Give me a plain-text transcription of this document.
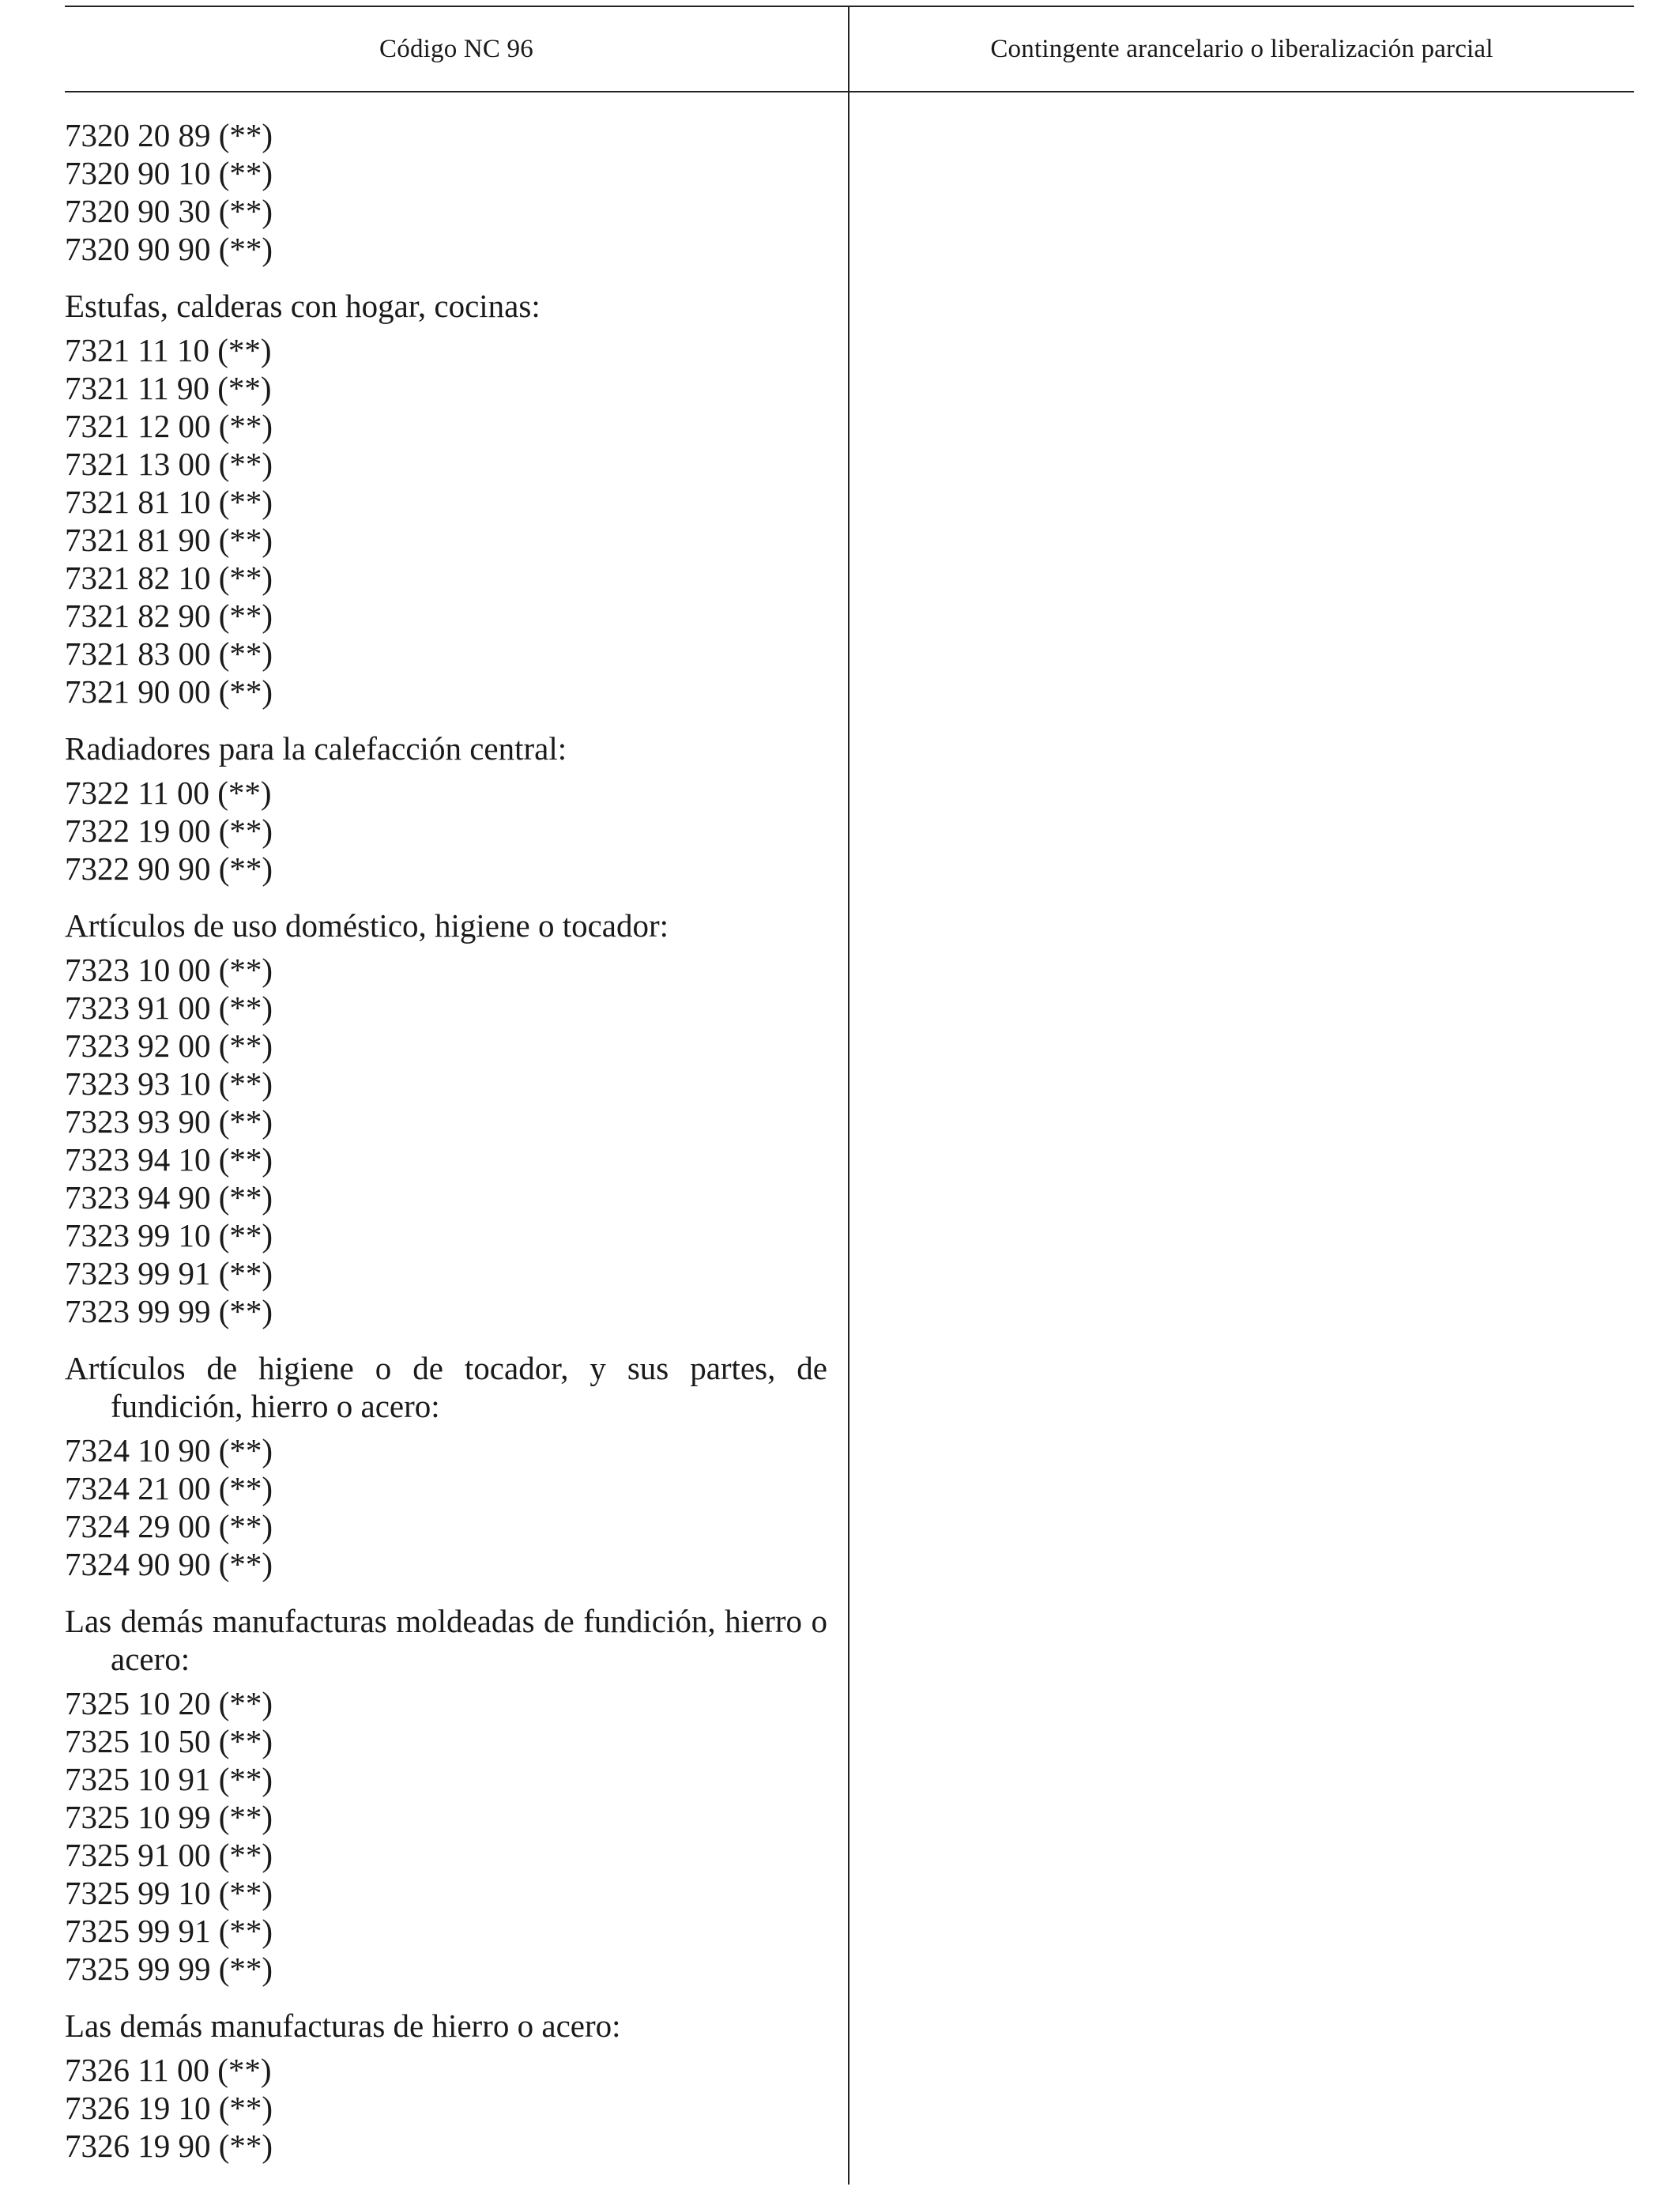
Código NC 96	Contingente arancelario o liberalización parcial
7320 20 89 (**)
7320 90 10 (**)
7320 90 30 (**)
7320 90 90 (**)
Estufas, calderas con hogar, cocinas:
7321 11 10 (**)
7321 11 90 (**)
7321 12 00 (**)
7321 13 00 (**)
7321 81 10 (**)
7321 81 90 (**)
7321 82 10 (**)
7321 82 90 (**)
7321 83 00 (**)
7321 90 00 (**)
Radiadores para la calefacción central:
7322 11 00 (**)
7322 19 00 (**)
7322 90 90 (**)
Artículos de uso doméstico, higiene o tocador:
7323 10 00 (**)
7323 91 00 (**)
7323 92 00 (**)
7323 93 10 (**)
7323 93 90 (**)
7323 94 10 (**)
7323 94 90 (**)
7323 99 10 (**)
7323 99 91 (**)
7323 99 99 (**)
Artículos de higiene o de tocador, y sus partes, de fundición, hierro o acero:
7324 10 90 (**)
7324 21 00 (**)
7324 29 00 (**)
7324 90 90 (**)
Las demás manufacturas moldeadas de fundición, hierro o acero:
7325 10 20 (**)
7325 10 50 (**)
7325 10 91 (**)
7325 10 99 (**)
7325 91 00 (**)
7325 99 10 (**)
7325 99 91 (**)
7325 99 99 (**)
Las demás manufacturas de hierro o acero:
7326 11 00 (**)
7326 19 10 (**)
7326 19 90 (**)
